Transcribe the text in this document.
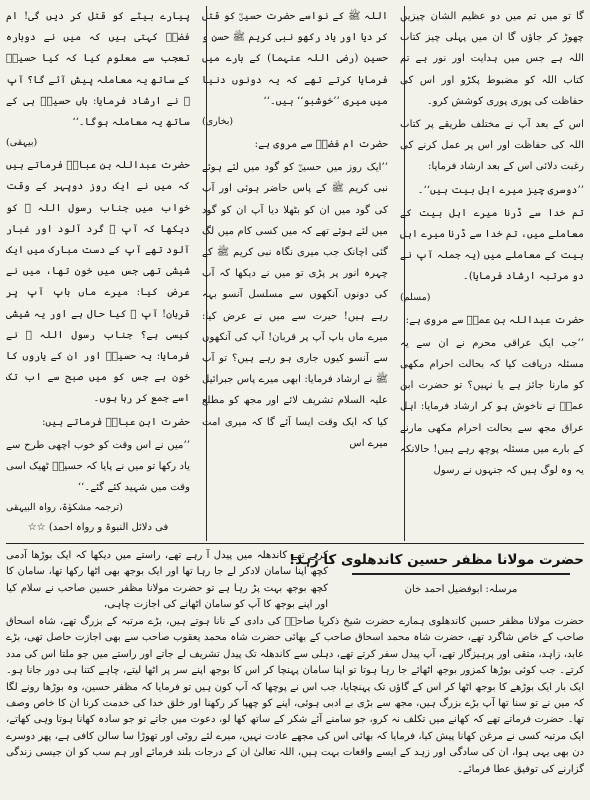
گا تو میں تم میں دو عظیم الشان چیزیں چھوڑ کر جاؤں گا ان میں پہلی چیز کتاب اللہ ہے جس میں ہدایت اور نور ہے تم کتاب اللہ کو مضبوط پکڑو اور اس کی حفاظت کی پوری پوری کوشش کرو۔

اس کے بعد آپ نے مختلف طریقے پر کتاب اللہ کی حفاظت اور اس پر عمل کرنے کی رغبت دلائی اس کے بعد ارشاد فرمایا:

’’دوسری چیز میرے اہل بیت ہیں‘‘۔

تم خدا سے ڈرنا میرے اہل بیت کے معاملے میں، تم خدا سے ڈرنا میرے اہل بیت کے معاملے میں (یہ جملہ آپ نے دو مرتبہ ارشاد فرمایا)۔

(مسلم)

حضرت عبداللہ بن عمرؓ سے مروی ہے:

’’جب ایک عراقی محرم نے ان سے یہ مسئلہ دریافت کیا کہ بحالت احرام مکھی کو مارنا جائز ہے یا نہیں؟ تو حضرت ابن عمرؓ نے ناخوش ہو کر ارشاد فرمایا: اہل عراق مجھ سے بحالت احرام مکھی مارنے کے بارے میں مسئلہ پوچھ رہے ہیں! حالانکہ یہ وہ لوگ ہیں کہ جنہوں نے رسول

اللہ ﷺ کے نواسے حضرت حسینؓ کو قتل کر دیا اور یاد رکھو نبی کریم ﷺ حسن و حسین (رضی اللہ عنہما) کے بارے میں فرمایا کرتے تھے کہ یہ دونوں دنیا میں میری ’’خوشبو‘‘ ہیں۔‘‘

(بخاری)

حضرت ام فضلؓ سے مروی ہے:

’’ایک روز میں حسینؓ کو گود میں لئے ہوئے نبی کریم ﷺ کے پاس حاضر ہوئی اور آپ کی گود میں ان کو بٹھلا دیا آپ ان کو گود میں لئے ہوئے تھے کہ میں کسی کام میں لگ گئی اچانک جب میری نگاہ نبی کریم ﷺ کے چہرہ انور پر پڑی تو میں نے دیکھا کہ آپ کی دونوں آنکھوں سے مسلسل آنسو بہہ رہے ہیں! حیرت سے میں نے عرض کیا: میرے ماں باپ آپ پر قربان! آپ کی آنکھوں سے آنسو کیوں جاری ہو رہے ہیں؟ تو آپ ﷺ نے ارشاد فرمایا: ابھی میرے پاس جبرائیل علیہ السلام تشریف لائے اور مجھ کو مطلع کیا کہ ایک وقت ایسا آئے گا کہ میری امت میرے اس

پیارے بیٹے کو قتل کر دیں گی! ام فضلؓ کہتی ہیں کہ میں نے دوبارہ تعجب سے معلوم کیا کہ کیا حسینؓ کے ساتھ یہ معاملہ پیش آئے گا؟ آپ ﷺ نے ارشاد فرمایا: ہاں حسینؓ ہی کے ساتھ یہ معاملہ ہوگا۔‘‘

(بیہقی)

حضرت عبداللہ بن عباسؓ فرماتے ہیں کہ میں نے ایک روز دوپہر کے وقت خواب میں جناب رسول اللہ ﷺ کو دیکھا کہ آپ ﷺ گرد آلود اور غبار آلود تھے آپ کے دست مبارک میں ایک شیشی تھی جس میں خون تھا، میں نے عرض کیا: میرے ماں باپ آپ پر قربان! آپ ﷺ کیا حال ہے اور یہ شیشی کیسی ہے؟ جناب رسول اللہ ﷺ نے فرمایا: یہ حسینؓ اور ان کے یاروں کا خون ہے جس کو میں صبح سے اب تک اسے جمع کر رہا ہوں۔

حضرت ابن عباسؓ فرماتے ہیں:

’’میں نے اس وقت کو خوب اچھی طرح سے یاد رکھا تو میں نے پایا کہ حسینؓ ٹھیک اسی وقت میں شہید کئے گئے۔‘‘

(ترجمہ مشکوٰۃ، رواہ البیہقی
فی دلائل النبوۃ و رواہ احمد) ☆☆
حضرت مولانا مظفر حسین کاندھلوی کا زُہد!
مرسلہ: ابوفضیل احمد خان

کرتے تھے کاندھلہ میں پیدل آ رہے تھے، راستے میں دیکھا کہ ایک بوڑھا آدمی کچھ اپنا سامان لادکر لے جا رہا تھا اور ایک بوجھ بھی اٹھا رکھا تھا، سامان کا کچھ بوجھ بہت پڑ رہا ہے تو حضرت مولانا مظفر حسین صاحب نے سلام کیا اور اپنے بوجھ کا آپ کو سامان اٹھانے کی اجازت چاہی،

حضرت مولانا مظفر حسین کاندھلوی ہمارے حضرت شیخ ذکریا صاحبؒ کی دادی کے نانا ہوتے ہیں، بڑے مرتبہ کے بزرگ تھے، شاہ اسحاق صاحب کے خاص شاگرد تھے، حضرت شاہ محمد اسحاق صاحب کے بھائی حضرت شاہ محمد یعقوب صاحب سے بھی اجازت حاصل تھی، بڑے عابد، زاہد، متقی اور پرہیزگار تھے، آپ پیدل سفر کرتے تھے، دہلی سے کاندھلہ تک پیدل تشریف لے جاتے اور راستے میں جو ملتا اس کی مدد کرتے۔ جب کوئی بوڑھا کمزور بوجھ اٹھائے جا رہا ہوتا تو اپنا سامان پہنچا کر اس کا بوجھ اپنے سر پر اٹھا لیتے، چاہے کتنا ہی دور جانا ہو۔ ایک بار ایک بوڑھے کا بوجھ اٹھا کر اس کے گاؤں تک پہنچایا، جب اس نے پوچھا کہ آپ کون ہیں تو فرمایا کہ مظفر حسین، وہ بوڑھا رونے لگا کہ میں نے تو سنا تھا آپ بڑے بزرگ ہیں، مجھ سے بڑی بے ادبی ہوئی، اپنے کو چھپا کر رکھنا اور خلق خدا کی خدمت کرنا ان کا خاص وصف تھا۔ حضرت فرماتے تھے کہ کھانے میں تکلف نہ کرو، جو سامنے آئے شکر کے ساتھ کھا لو، دعوت میں جاتے تو جو سادہ کھانا ہوتا وہی کھاتے، ایک مرتبہ کسی نے مرغن کھانا پیش کیا، فرمایا کہ بھائی اس کی مجھے عادت نہیں، میرے لئے روٹی اور تھوڑا سا سالن کافی ہے، پھر دوسرے دن بھی یہی ہوا، ان کی سادگی اور زہد کے ایسے واقعات بہت ہیں، اللہ تعالیٰ ان کے درجات بلند فرمائے اور ہم سب کو ان جیسی زندگی گزارنے کی توفیق عطا فرمائے۔
